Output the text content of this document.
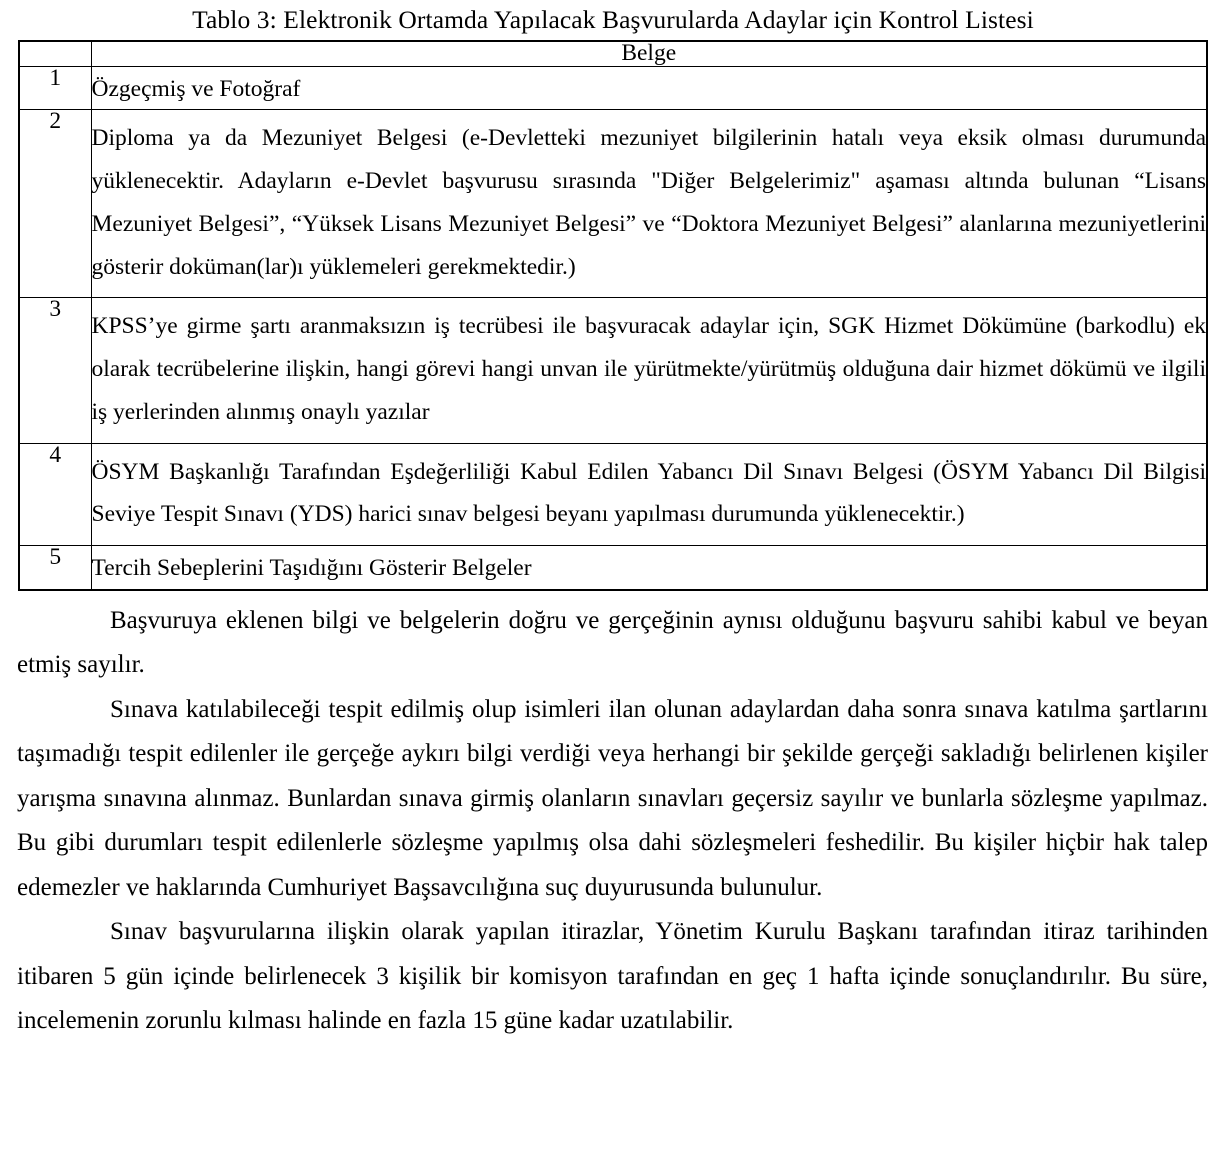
Tablo 3: Elektronik Ortamda Yapılacak Başvurularda Adaylar için Kontrol Listesi
	Belge
1	Özgeçmiş ve Fotoğraf
2	Diploma ya da Mezuniyet Belgesi (e-Devletteki mezuniyet bilgilerinin hatalı veya eksik olması durumunda yüklenecektir. Adayların e-Devlet başvurusu sırasında "Diğer Belgelerimiz" aşaması altında bulunan “Lisans Mezuniyet Belgesi”, “Yüksek Lisans Mezuniyet Belgesi” ve “Doktora Mezuniyet Belgesi” alanlarına mezuniyetlerini gösterir doküman(lar)ı yüklemeleri gerekmektedir.)
3	KPSS’ye girme şartı aranmaksızın iş tecrübesi ile başvuracak adaylar için, SGK Hizmet Dökümüne (barkodlu) ek olarak tecrübelerine ilişkin, hangi görevi hangi unvan ile yürütmekte/yürütmüş olduğuna dair hizmet dökümü ve ilgili iş yerlerinden alınmış onaylı yazılar
4	ÖSYM Başkanlığı Tarafından Eşdeğerliliği Kabul Edilen Yabancı Dil Sınavı Belgesi (ÖSYM Yabancı Dil Bilgisi Seviye Tespit Sınavı (YDS) harici sınav belgesi beyanı yapılması durumunda yüklenecektir.)
5	Tercih Sebeplerini Taşıdığını Gösterir Belgeler

Başvuruya eklenen bilgi ve belgelerin doğru ve gerçeğinin aynısı olduğunu başvuru sahibi kabul ve beyan etmiş sayılır.

Sınava katılabileceği tespit edilmiş olup isimleri ilan olunan adaylardan daha sonra sınava katılma şartlarını taşımadığı tespit edilenler ile gerçeğe aykırı bilgi verdiği veya herhangi bir şekilde gerçeği sakladığı belirlenen kişiler yarışma sınavına alınmaz. Bunlardan sınava girmiş olanların sınavları geçersiz sayılır ve bunlarla sözleşme yapılmaz. Bu gibi durumları tespit edilenlerle sözleşme yapılmış olsa dahi sözleşmeleri feshedilir. Bu kişiler hiçbir hak talep edemezler ve haklarında Cumhuriyet Başsavcılığına suç duyurusunda bulunulur.

Sınav başvurularına ilişkin olarak yapılan itirazlar, Yönetim Kurulu Başkanı tarafından itiraz tarihinden itibaren 5 gün içinde belirlenecek 3 kişilik bir komisyon tarafından en geç 1 hafta içinde sonuçlandırılır. Bu süre, incelemenin zorunlu kılması halinde en fazla 15 güne kadar uzatılabilir.
